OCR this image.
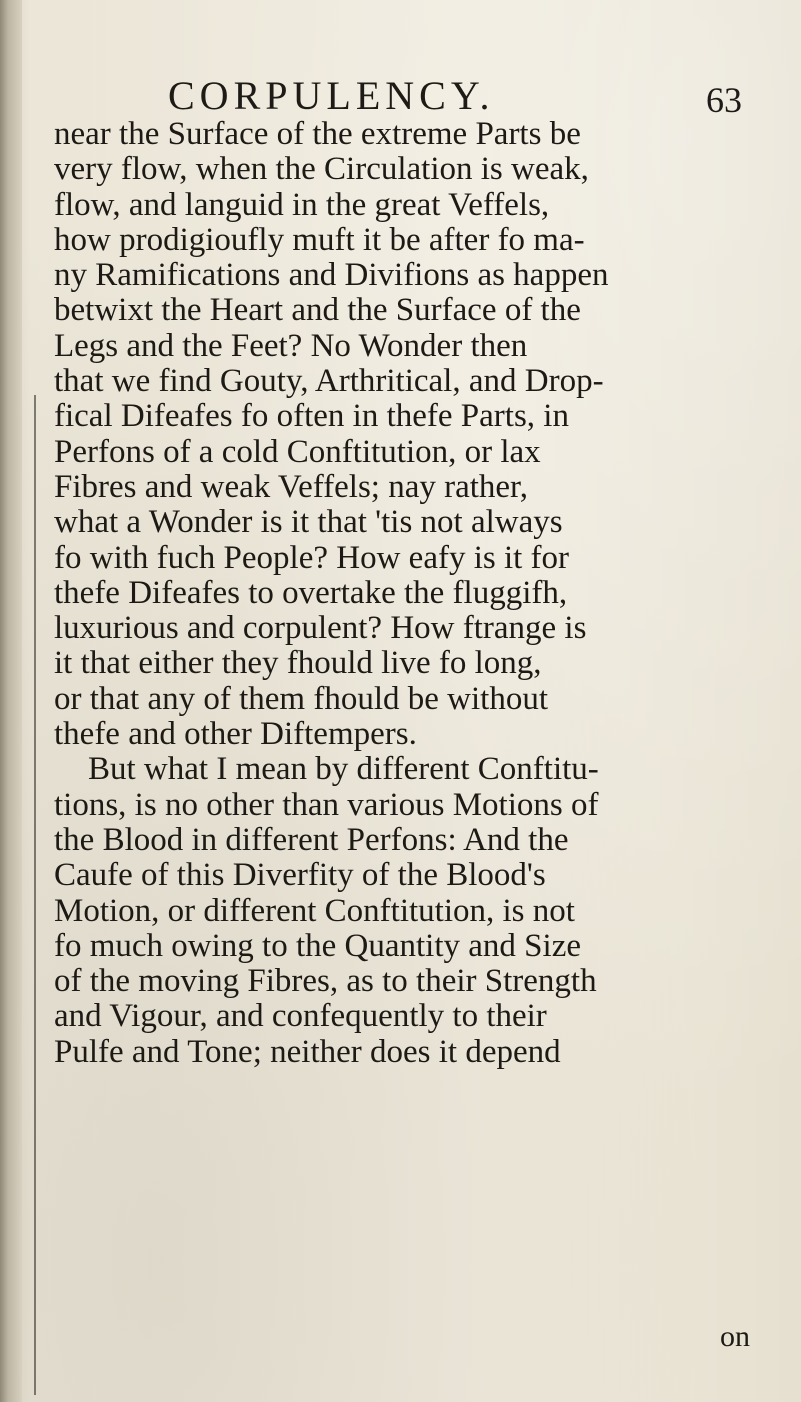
CORPULENCY.	63
near the Surface of the extreme Parts be
very flow, when the Circulation is weak,
flow, and languid in the great Veffels,
how prodigioufly muft it be after fo ma-
ny Ramifications and Divifions as happen
betwixt the Heart and the Surface of the
Legs and the Feet? No Wonder then
that we find Gouty, Arthritical, and Drop-
fical Difeafes fo often in thefe Parts, in
Perfons of a cold Conftitution, or lax
Fibres and weak Veffels; nay rather,
what a Wonder is it that 'tis not always
fo with fuch People? How eafy is it for
thefe Difeafes to overtake the fluggifh,
luxurious and corpulent? How ftrange is
it that either they fhould live fo long,
or that any of them fhould be without
thefe and other Diftempers.
But what I mean by different Conftitu-
tions, is no other than various Motions of
the Blood in different Perfons: And the
Caufe of this Diverfity of the Blood's
Motion, or different Conftitution, is not
fo much owing to the Quantity and Size
of the moving Fibres, as to their Strength
and Vigour, and confequently to their
Pulfe and Tone; neither does it depend
on
